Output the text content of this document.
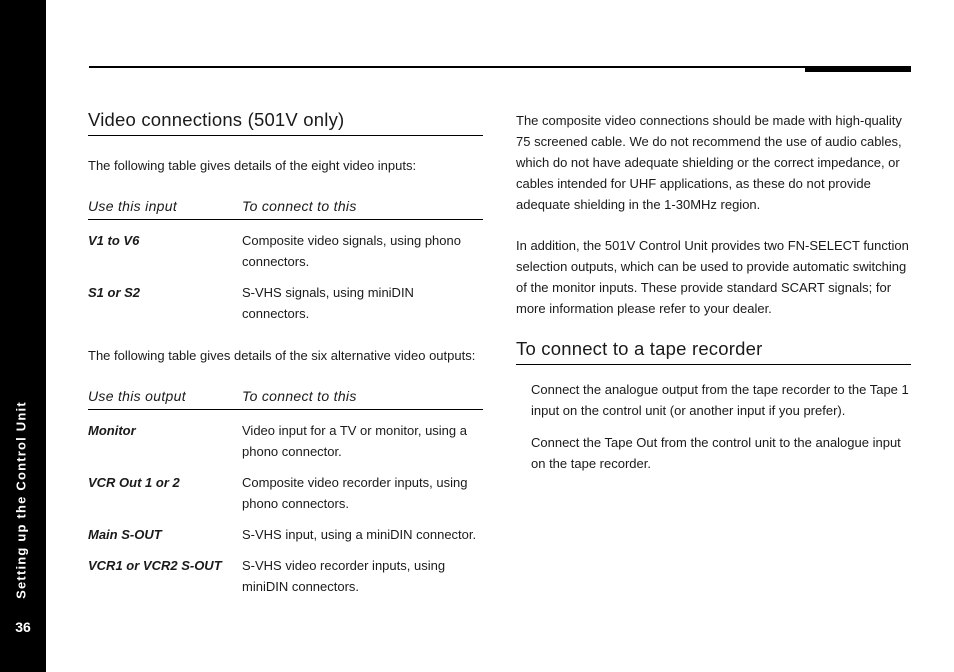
Setting up the Control Unit
36
Video connections (501V only)

The following table gives details of the eight video inputs:

Use this input	To connect to this
V1 to V6	Composite video signals, using phono connectors.
S1 or S2	S-VHS signals, using miniDIN connectors.

The following table gives details of the six alternative video outputs:

Use this output	To connect to this
Monitor	Video input for a TV or monitor, using a phono connector.
VCR Out 1 or 2	Composite video recorder inputs, using phono connectors.
Main S-OUT	S-VHS input, using a miniDIN connector.
VCR1 or VCR2 S-OUT	S-VHS video recorder inputs, using miniDIN connectors.

The composite video connections should be made with high-quality 75 screened cable. We do not recommend the use of audio cables, which do not have adequate shielding or the correct impedance, or cables intended for UHF applications, as these do not provide adequate shielding in the 1-30MHz region.

In addition, the 501V Control Unit provides two FN-SELECT function selection outputs, which can be used to provide automatic switching of the monitor inputs. These provide standard SCART signals; for more information please refer to your dealer.

To connect to a tape recorder

Connect the analogue output from the tape recorder to the Tape 1 input on the control unit (or another input if you prefer).

Connect the Tape Out from the control unit to the analogue input on the tape recorder.
